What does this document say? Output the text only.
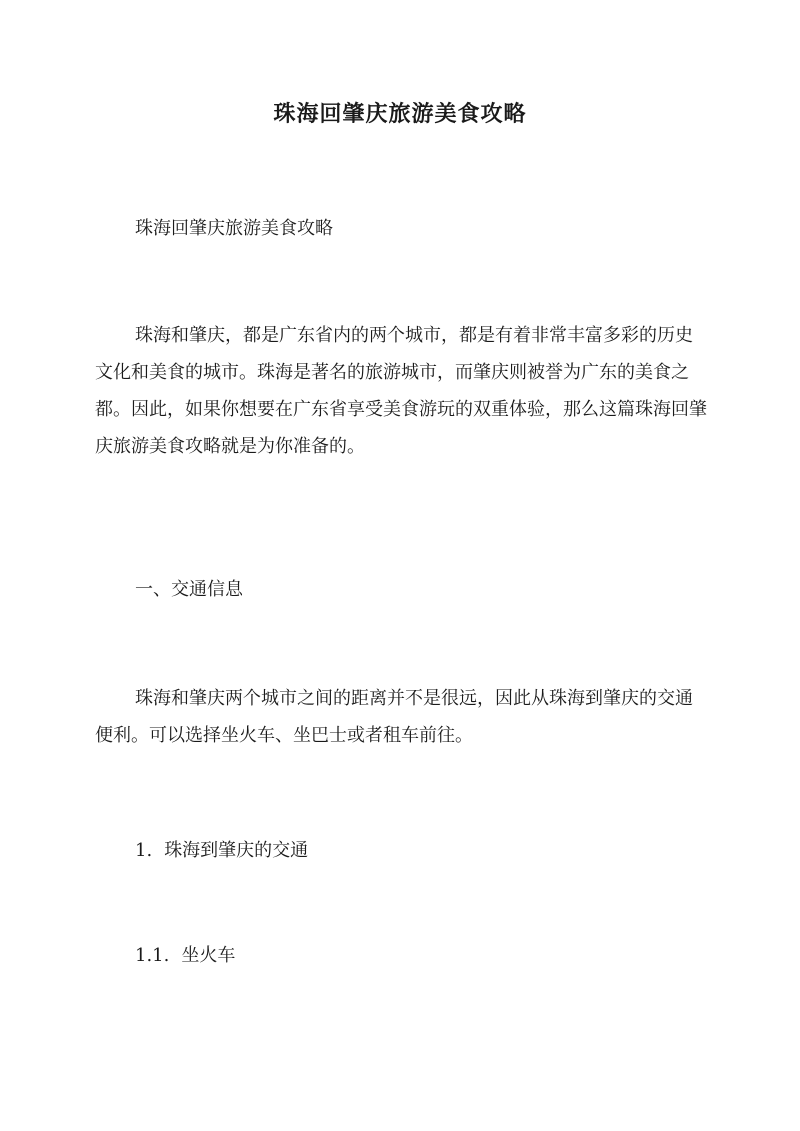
珠海回肇庆旅游美食攻略

珠海回肇庆旅游美食攻略

珠海和肇庆，都是广东省内的两个城市，都是有着非常丰富多彩的历史文化和美食的城市。珠海是著名的旅游城市，而肇庆则被誉为广东的美食之都。因此，如果你想要在广东省享受美食游玩的双重体验，那么这篇珠海回肇庆旅游美食攻略就是为你准备的。

一、交通信息

珠海和肇庆两个城市之间的距离并不是很远，因此从珠海到肇庆的交通便利。可以选择坐火车、坐巴士或者租车前往。

1. 珠海到肇庆的交通

1.1. 坐火车
